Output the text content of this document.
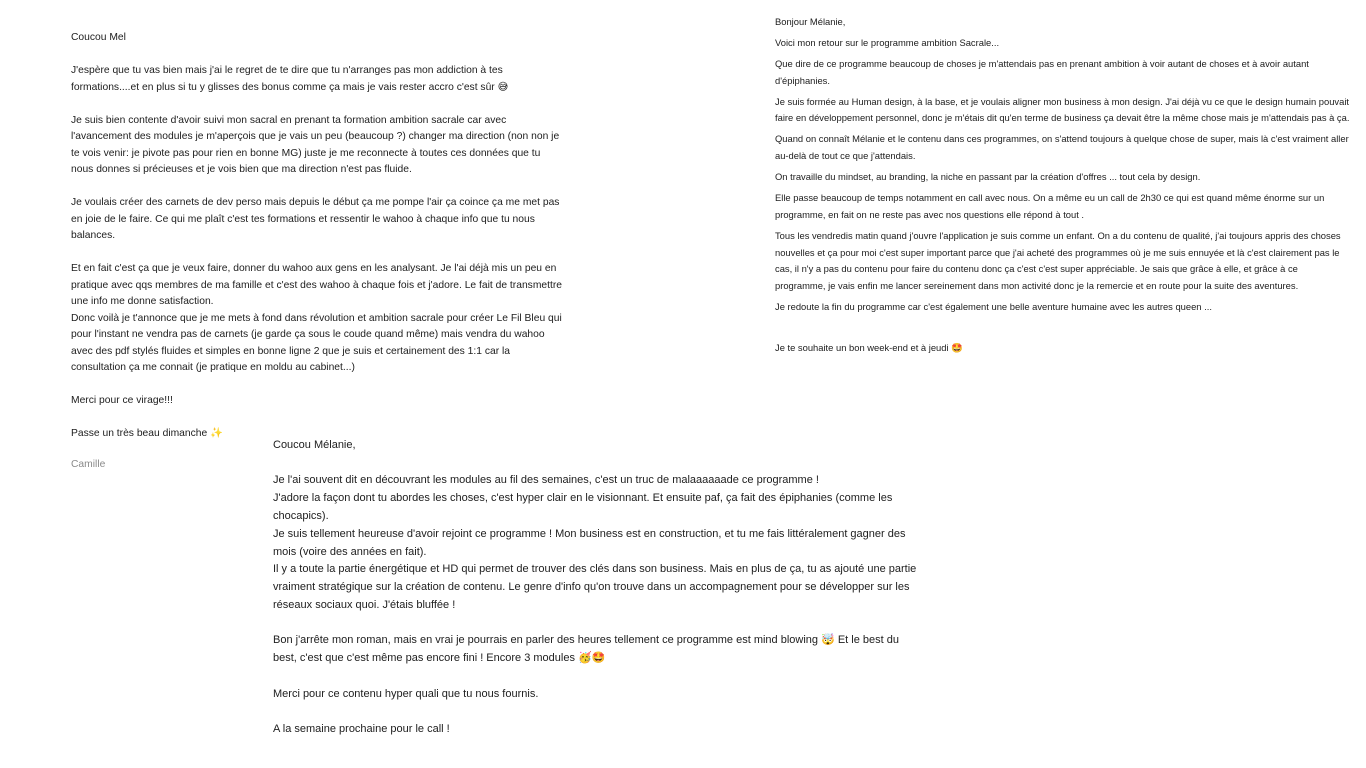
Coucou Mel

J'espère que tu vas bien mais j'ai le regret de te dire que tu n'arranges pas mon addiction à tes formations....et en plus si tu y glisses des bonus comme ça mais je vais rester accro c'est sûr 😅

Je suis bien contente d'avoir suivi mon sacral en prenant ta formation ambition sacrale car avec l'avancement des modules je m'aperçois que je vais un peu (beaucoup ?) changer ma direction (non non je te vois venir: je pivote pas pour rien en bonne MG) juste je me reconnecte à toutes ces données que tu nous donnes si précieuses et je vois bien que ma direction n'est pas fluide.

Je voulais créer des carnets de dev perso mais depuis le début ça me pompe l'air ça coince ça me met pas en joie de le faire. Ce qui me plaît c'est tes formations et ressentir le wahoo à chaque info que tu nous balances.

Et en fait c'est ça que je veux faire, donner du wahoo aux gens en les analysant. Je l'ai déjà mis un peu en pratique avec qqs membres de ma famille et c'est des wahoo à chaque fois et j'adore. Le fait de transmettre une info me donne satisfaction.

Donc voilà je t'annonce que je me mets à fond dans révolution et ambition sacrale pour créer Le Fil Bleu qui pour l'instant ne vendra pas de carnets (je garde ça sous le coude quand même) mais vendra du wahoo avec des pdf stylés fluides et simples en bonne ligne 2 que je suis et certainement des 1:1 car la consultation ça me connait (je pratique en moldu au cabinet...)

Merci pour ce virage!!!

Passe un très beau dimanche ✨

Camille

Bonjour Mélanie,

Voici mon retour sur le programme ambition Sacrale...

Que dire de ce programme beaucoup de choses je m'attendais pas en prenant ambition à voir autant de choses et à avoir autant d'épiphanies.

Je suis formée au Human design, à la base, et je voulais aligner mon business à mon design. J'ai déjà vu ce que le design humain pouvait faire en développement personnel, donc je m'étais dit qu'en terme de business ça devait être la même chose mais je m'attendais pas à ça.

Quand on connaît Mélanie et le contenu dans ces programmes, on s'attend toujours à quelque chose de super, mais là c'est vraiment aller au-delà de tout ce que j'attendais.

On travaille du mindset, au branding, la niche en passant par la création d'offres ... tout cela by design.

Elle passe beaucoup de temps notamment en call avec nous. On a même eu un call de 2h30 ce qui est quand même énorme sur un programme, en fait on ne reste pas avec nos questions elle répond à tout .

Tous les vendredis matin quand j'ouvre l'application je suis comme un enfant. On a du contenu de qualité, j'ai toujours appris des choses nouvelles et ça pour moi c'est super important parce que j'ai acheté des programmes où je me suis ennuyée et là c'est clairement pas le cas, il n'y a pas du contenu pour faire du contenu donc ça c'est c'est super appréciable. Je sais que grâce à elle, et grâce à ce programme, je vais enfin me lancer sereinement dans mon activité donc je la remercie et en route pour la suite des aventures.

Je redoute la fin du programme car c'est également une belle aventure humaine avec les autres queen ...

Je te souhaite un bon week-end et à jeudi 🤩

Coucou Mélanie,

Je l'ai souvent dit en découvrant les modules au fil des semaines, c'est un truc de malaaaaaade ce programme !

J'adore la façon dont tu abordes les choses, c'est hyper clair en le visionnant. Et ensuite paf, ça fait des épiphanies (comme les chocapics).

Je suis tellement heureuse d'avoir rejoint ce programme ! Mon business est en construction, et tu me fais littéralement gagner des mois (voire des années en fait).

Il y a toute la partie énergétique et HD qui permet de trouver des clés dans son business. Mais en plus de ça, tu as ajouté une partie vraiment stratégique sur la création de contenu. Le genre d'info qu'on trouve dans un accompagnement pour se développer sur les réseaux sociaux quoi. J'étais bluffée !

Bon j'arrête mon roman, mais en vrai je pourrais en parler des heures tellement ce programme est mind blowing 🤯 Et le best du best, c'est que c'est même pas encore fini ! Encore 3 modules 🥳🤩

Merci pour ce contenu hyper quali que tu nous fournis.

A la semaine prochaine pour le call !
